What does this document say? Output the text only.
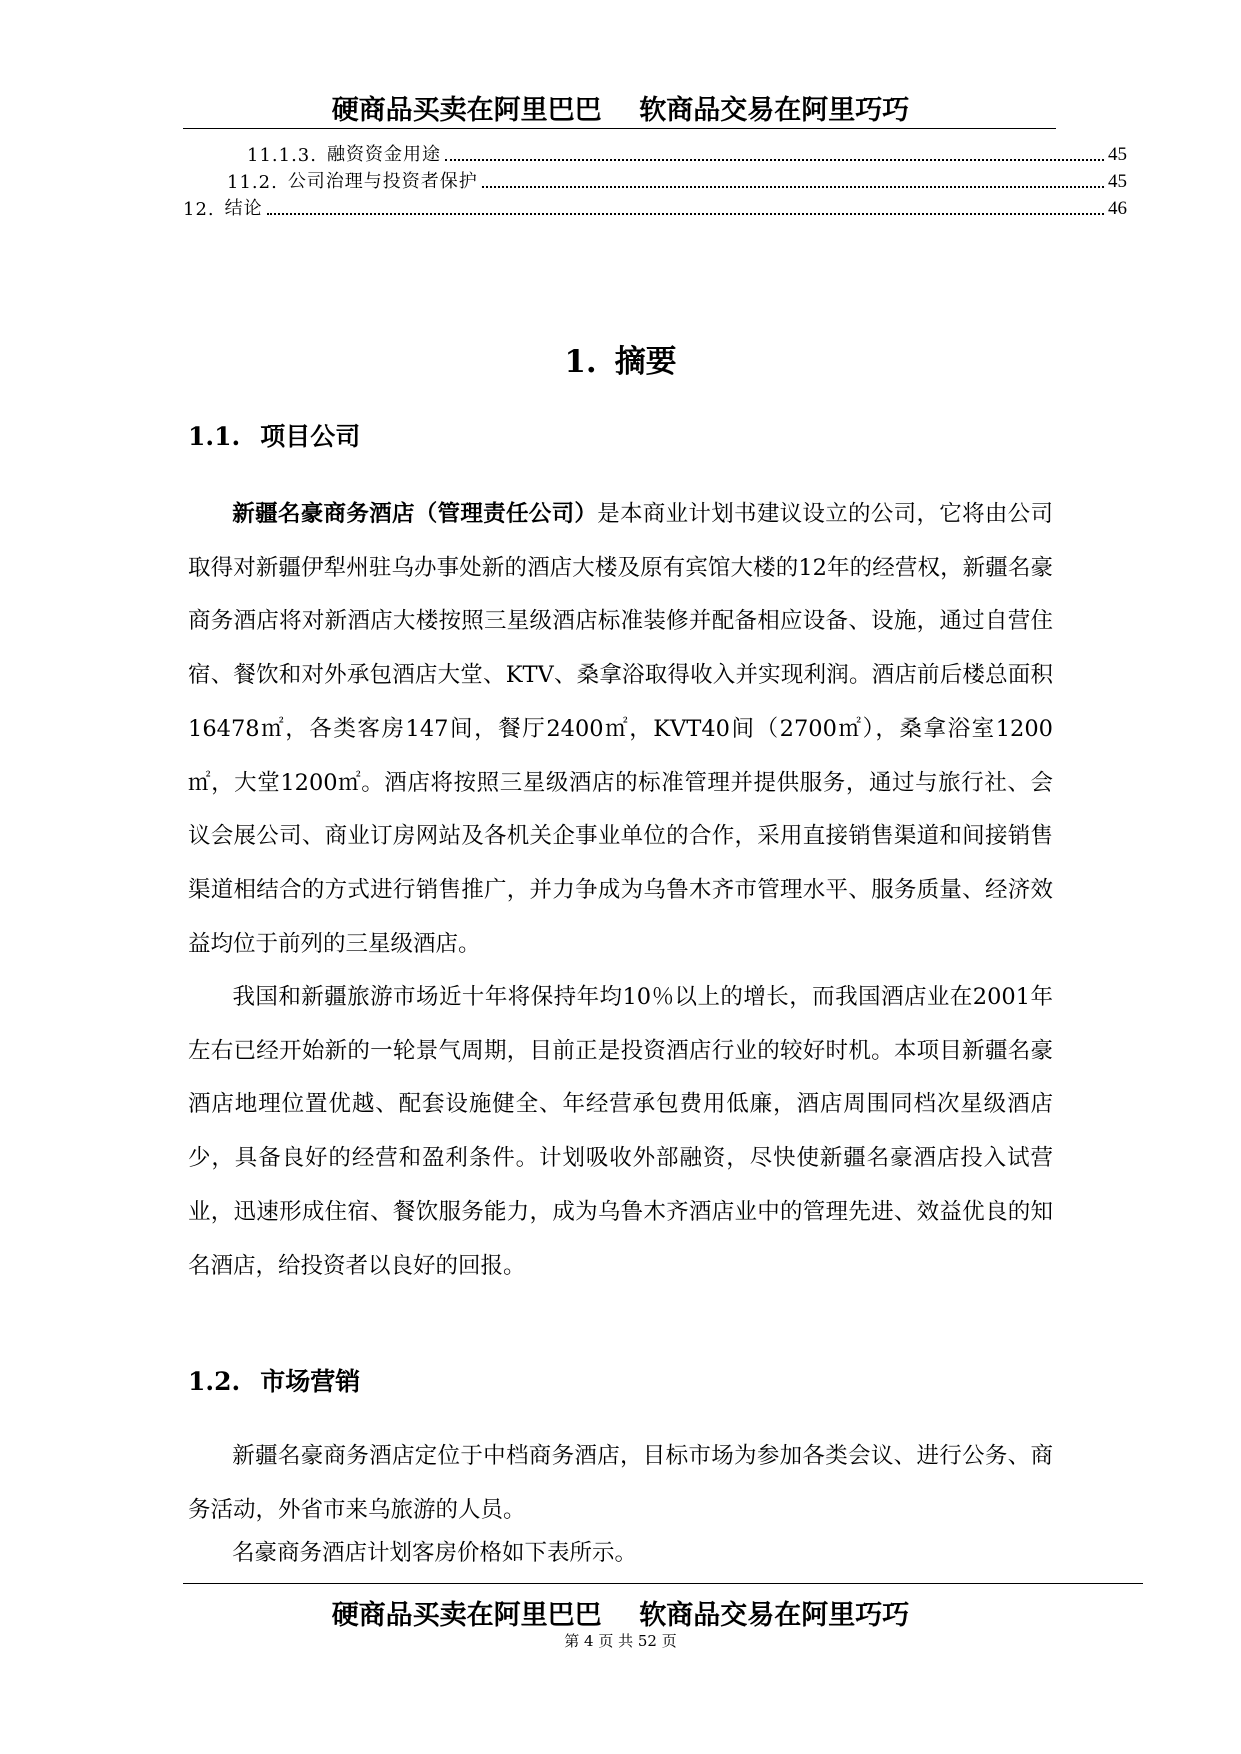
硬商品买卖在阿里巴巴    软商品交易在阿里巧巧
11.1.3. 融资资金用途	45
11.2. 公司治理与投资者保护	45
12. 结论	46
1. 摘要
1.1. 项目公司
新疆名豪商务酒店（管理责任公司）是本商业计划书建议设立的公司，它将由公司取得对新疆伊犁州驻乌办事处新的酒店大楼及原有宾馆大楼的12年的经营权，新疆名豪商务酒店将对新酒店大楼按照三星级酒店标准装修并配备相应设备、设施，通过自营住宿、餐饮和对外承包酒店大堂、KTV、桑拿浴取得收入并实现利润。酒店前后楼总面积16478㎡，各类客房147间，餐厅2400㎡，KVT40间（2700㎡），桑拿浴室1200㎡，大堂1200㎡。酒店将按照三星级酒店的标准管理并提供服务，通过与旅行社、会议会展公司、商业订房网站及各机关企事业单位的合作，采用直接销售渠道和间接销售渠道相结合的方式进行销售推广，并力争成为乌鲁木齐市管理水平、服务质量、经济效益均位于前列的三星级酒店。
我国和新疆旅游市场近十年将保持年均10％以上的增长，而我国酒店业在2001年左右已经开始新的一轮景气周期，目前正是投资酒店行业的较好时机。本项目新疆名豪酒店地理位置优越、配套设施健全、年经营承包费用低廉，酒店周围同档次星级酒店少，具备良好的经营和盈利条件。计划吸收外部融资，尽快使新疆名豪酒店投入试营业，迅速形成住宿、餐饮服务能力，成为乌鲁木齐酒店业中的管理先进、效益优良的知名酒店，给投资者以良好的回报。
1.2. 市场营销
新疆名豪商务酒店定位于中档商务酒店，目标市场为参加各类会议、进行公务、商务活动，外省市来乌旅游的人员。
名豪商务酒店计划客房价格如下表所示。
硬商品买卖在阿里巴巴    软商品交易在阿里巧巧
第 4 页 共 52 页
